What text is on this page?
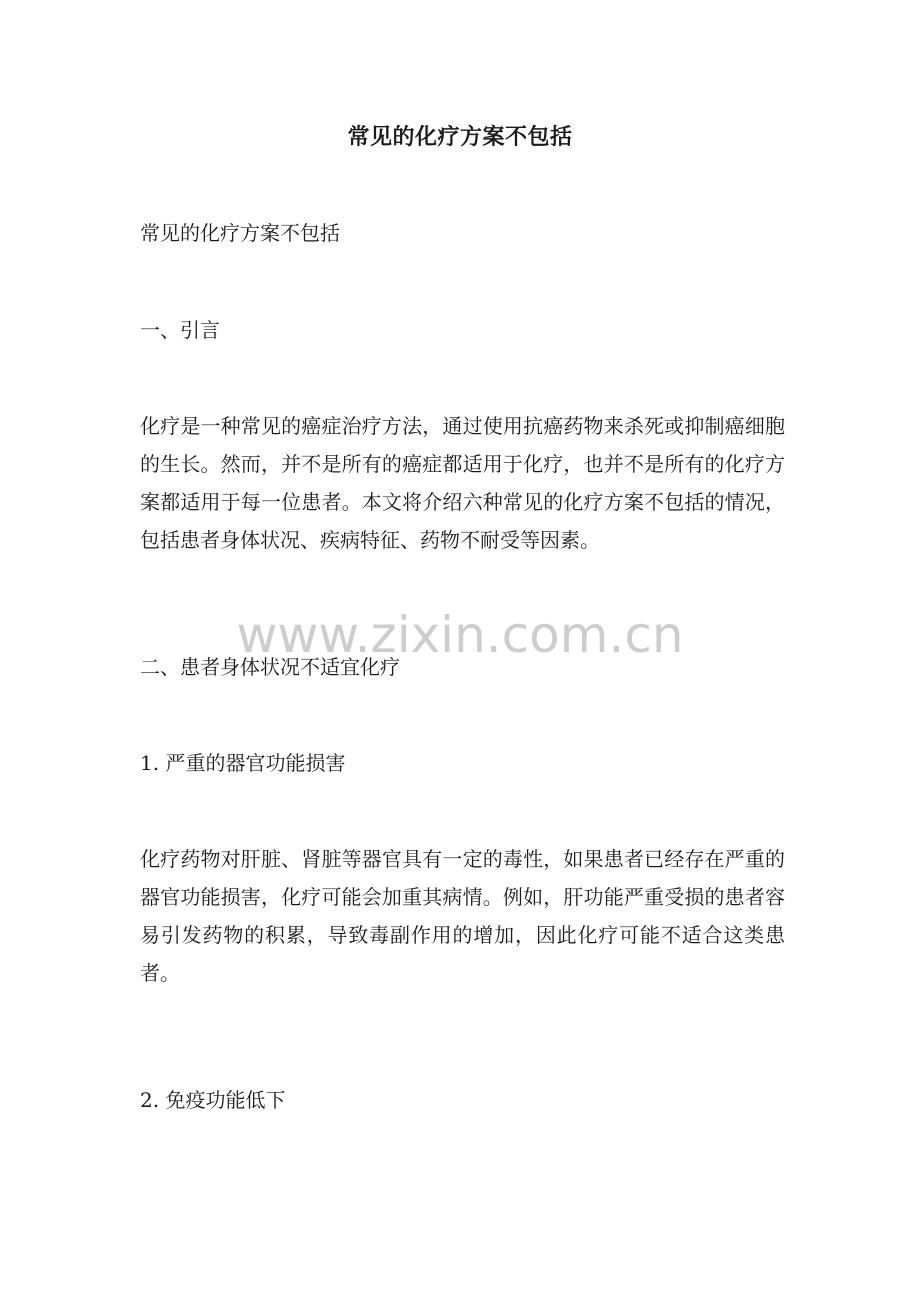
常见的化疗方案不包括
常见的化疗方案不包括
一、引言
化疗是一种常见的癌症治疗方法，通过使用抗癌药物来杀死或抑制癌细胞的生长。然而，并不是所有的癌症都适用于化疗，也并不是所有的化疗方案都适用于每一位患者。本文将介绍六种常见的化疗方案不包括的情况，包括患者身体状况、疾病特征、药物不耐受等因素。
二、患者身体状况不适宜化疗
1. 严重的器官功能损害
化疗药物对肝脏、肾脏等器官具有一定的毒性，如果患者已经存在严重的器官功能损害，化疗可能会加重其病情。例如，肝功能严重受损的患者容易引发药物的积累，导致毒副作用的增加，因此化疗可能不适合这类患者。
2. 免疫功能低下
www.zixin.com.cn
